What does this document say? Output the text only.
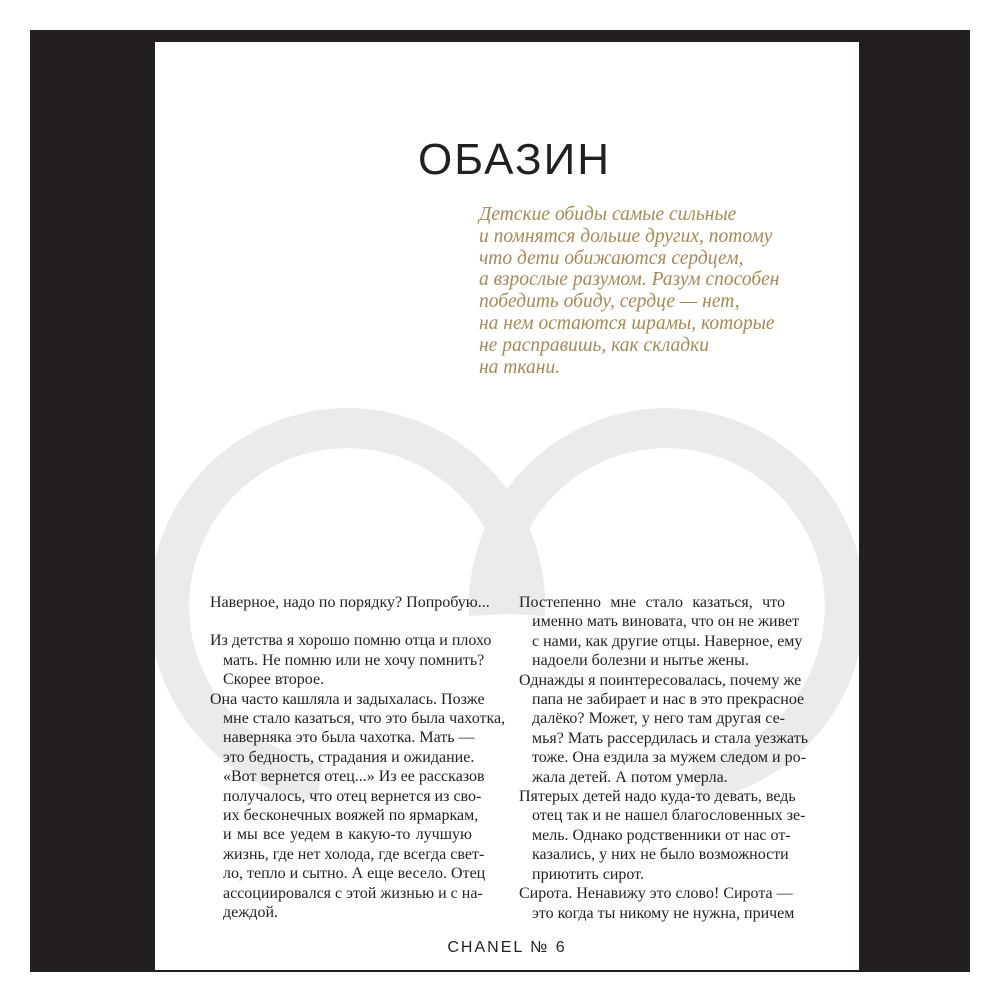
ОБАЗИН
Детские обиды самые сильные
и помнятся дольше других, потому
что дети обижаются сердцем,
а взрослые разумом. Разум способен
победить обиду, сердце — нет,
на нем остаются шрамы, которые
не расправишь, как складки
на ткани.
Наверное, надо по порядку? Попробую...
Из детства я хорошо помню отца и плохо
мать. Не помню или не хочу помнить?
Скорее второе.
Она часто кашляла и задыхалась. Позже
мне стало казаться, что это была чахотка,
наверняка это была чахотка. Мать —
это бедность, страдания и ожидание.
«Вот вернется отец...» Из ее рассказов
получалось, что отец вернется из сво-
их бесконечных вояжей по ярмаркам,
и мы все уедем в какую-то лучшую
жизнь, где нет холода, где всегда свет-
ло, тепло и сытно. А еще весело. Отец
ассоциировался с этой жизнью и с на-
деждой.
Постепенно мне стало казаться, что
именно мать виновата, что он не живет
с нами, как другие отцы. Наверное, ему
надоели болезни и нытье жены.
Однажды я поинтересовалась, почему же
папа не забирает и нас в это прекрасное
далёко? Может, у него там другая се-
мья? Мать рассердилась и стала уезжать
тоже. Она ездила за мужем следом и ро-
жала детей. А потом умерла.
Пятерых детей надо куда-то девать, ведь
отец так и не нашел благословенных зе-
мель. Однако родственники от нас от-
казались, у них не было возможности
приютить сирот.
Сирота. Ненавижу это слово! Сирота —
это когда ты никому не нужна, причем
CHANEL № 6
